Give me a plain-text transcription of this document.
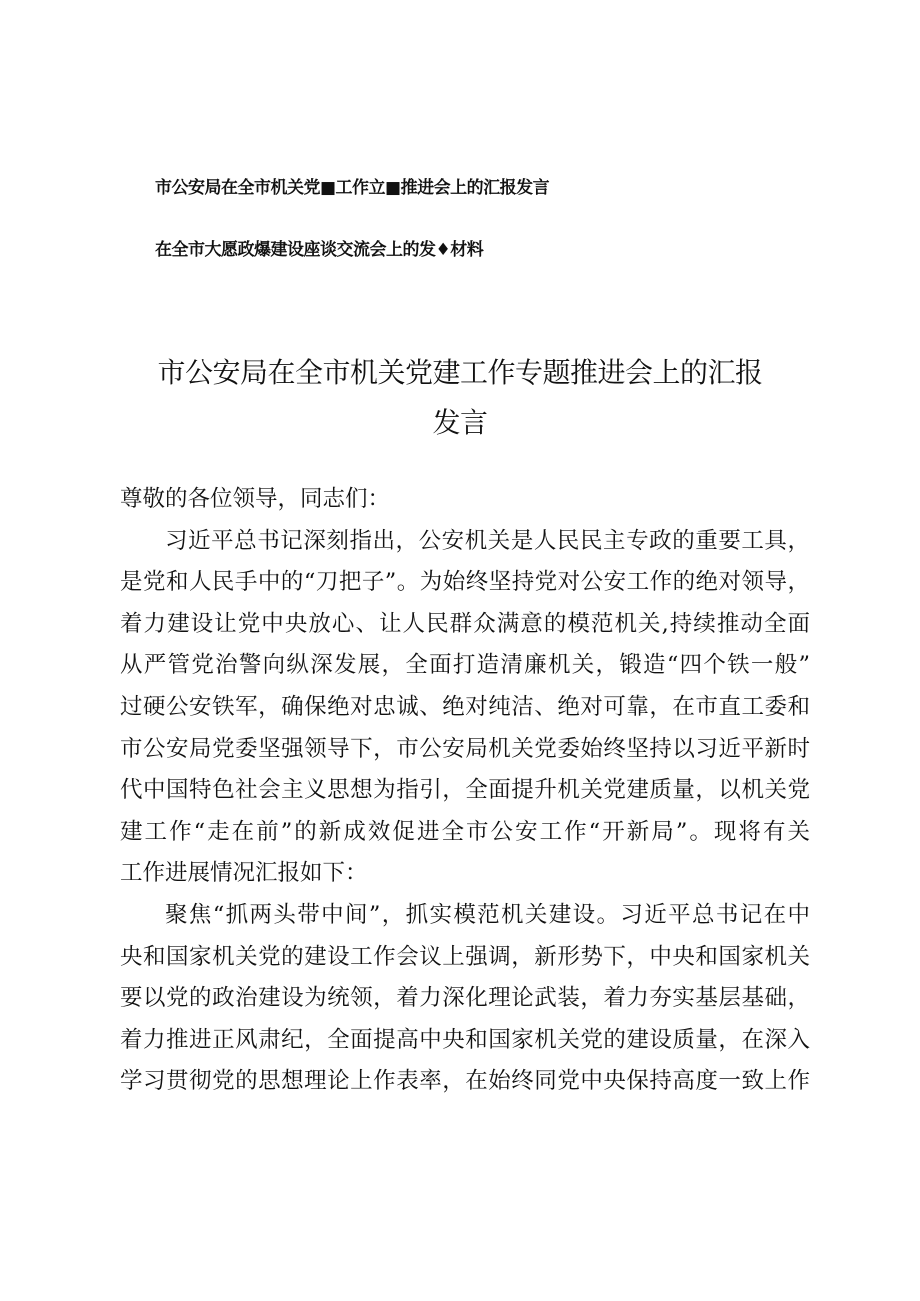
市公安局在全市机关党■工作立■推进会上的汇报发言
在全市大愿政爆建设座谈交流会上的发♦材料
市公安局在全市机关党建工作专题推进会上的汇报
发言

尊敬的各位领导，同志们：

习近平总书记深刻指出，公安机关是人民民主专政的重要工具，
是党和人民手中的“刀把子”。为始终坚持党对公安工作的绝对领导，
着力建设让党中央放心、让人民群众满意的模范机关,持续推动全面
从严管党治警向纵深发展，全面打造清廉机关，锻造“四个铁一般”
过硬公安铁军，确保绝对忠诚、绝对纯洁、绝对可靠，在市直工委和
市公安局党委坚强领导下，市公安局机关党委始终坚持以习近平新时
代中国特色社会主义思想为指引，全面提升机关党建质量，以机关党
建工作“走在前”的新成效促进全市公安工作“开新局”。现将有关
工作进展情况汇报如下：
聚焦“抓两头带中间”，抓实模范机关建设。习近平总书记在中
央和国家机关党的建设工作会议上强调，新形势下，中央和国家机关
要以党的政治建设为统领，着力深化理论武装，着力夯实基层基础，
着力推进正风肃纪，全面提高中央和国家机关党的建设质量，在深入
学习贯彻党的思想理论上作表率，在始终同党中央保持高度一致上作
